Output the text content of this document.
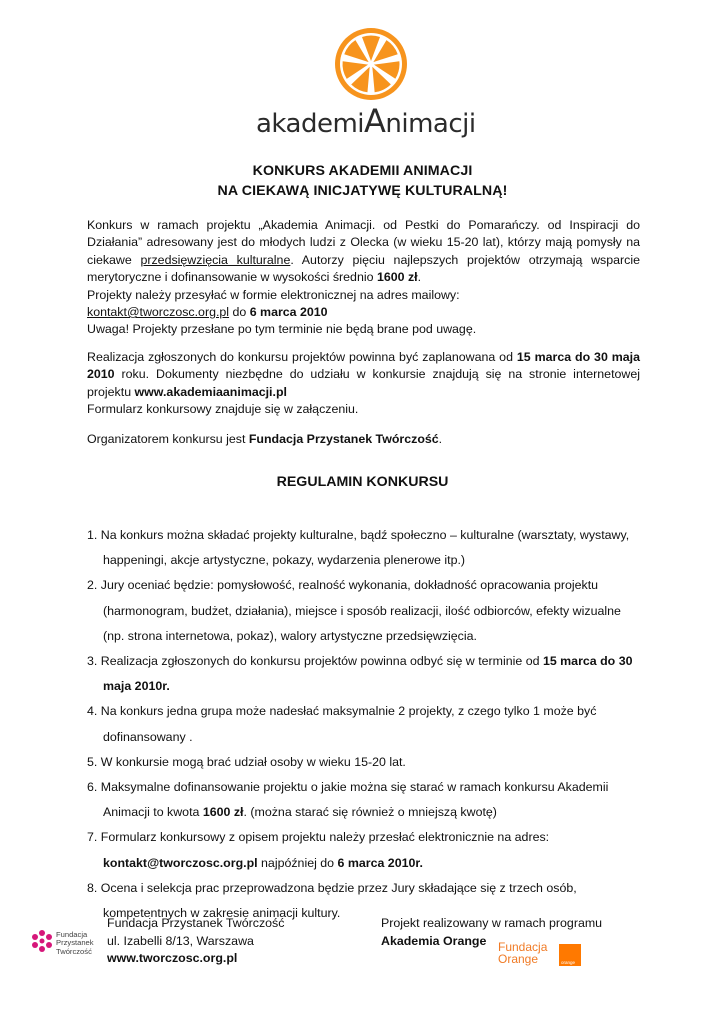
akademiAnimacji
KONKURS AKADEMII ANIMACJI
NA CIEKAWĄ INICJATYWĘ KULTURALNĄ!
Konkurs w ramach projektu „Akademia Animacji. od Pestki do Pomarańczy. od Inspiracji do Działania” adresowany jest do młodych ludzi z Olecka (w wieku 15-20 lat), którzy mają pomysły na ciekawe przedsięwzięcia kulturalne. Autorzy pięciu najlepszych projektów otrzymają wsparcie merytoryczne i dofinansowanie w wysokości średnio 1600 zł.
Projekty należy przesyłać w formie elektronicznej na adres mailowy:
kontakt@tworczosc.org.pl do 6 marca 2010
Uwaga! Projekty przesłane po tym terminie nie będą brane pod uwagę.
Realizacja zgłoszonych do konkursu projektów powinna być zaplanowana od 15 marca do 30 maja 2010 roku. Dokumenty niezbędne do udziału w konkursie znajdują się na stronie internetowej projektu www.akademiaanimacji.pl
Formularz konkursowy znajduje się w załączeniu.
Organizatorem konkursu jest Fundacja Przystanek Twórczość.
REGULAMIN KONKURSU
1. Na konkurs można składać projekty kulturalne, bądź społeczno – kulturalne (warsztaty, wystawy,
happeningi, akcje artystyczne, pokazy, wydarzenia plenerowe itp.)
2. Jury oceniać będzie: pomysłowość, realność wykonania, dokładność opracowania projektu
(harmonogram, budżet, działania), miejsce i sposób realizacji, ilość odbiorców, efekty wizualne
(np. strona internetowa, pokaz), walory artystyczne przedsięwzięcia.
3. Realizacja zgłoszonych do konkursu projektów powinna odbyć się w terminie od 15 marca do 30
maja 2010r.
4. Na konkurs jedna grupa może nadesłać maksymalnie 2 projekty, z czego tylko 1 może być
dofinansowany .
5. W konkursie mogą brać udział osoby w wieku 15-20 lat.
6. Maksymalne dofinansowanie projektu o jakie można się starać w ramach konkursu Akademii
Animacji to kwota 1600 zł. (można starać się również o mniejszą kwotę)
7. Formularz konkursowy z opisem projektu należy przesłać elektronicznie na adres:
kontakt@tworczosc.org.pl najpóźniej do 6 marca 2010r.
8. Ocena i selekcja prac przeprowadzona będzie przez Jury składające się z trzech osób,
kompetentnych w zakresie animacji kultury.
Fundacja
Przystanek
Twórczość
Fundacja Przystanek Twórczość
ul. Izabelli 8/13, Warszawa
www.tworczosc.org.pl
Projekt realizowany w ramach programu
Akademia Orange Fundacja
Orange	orange
